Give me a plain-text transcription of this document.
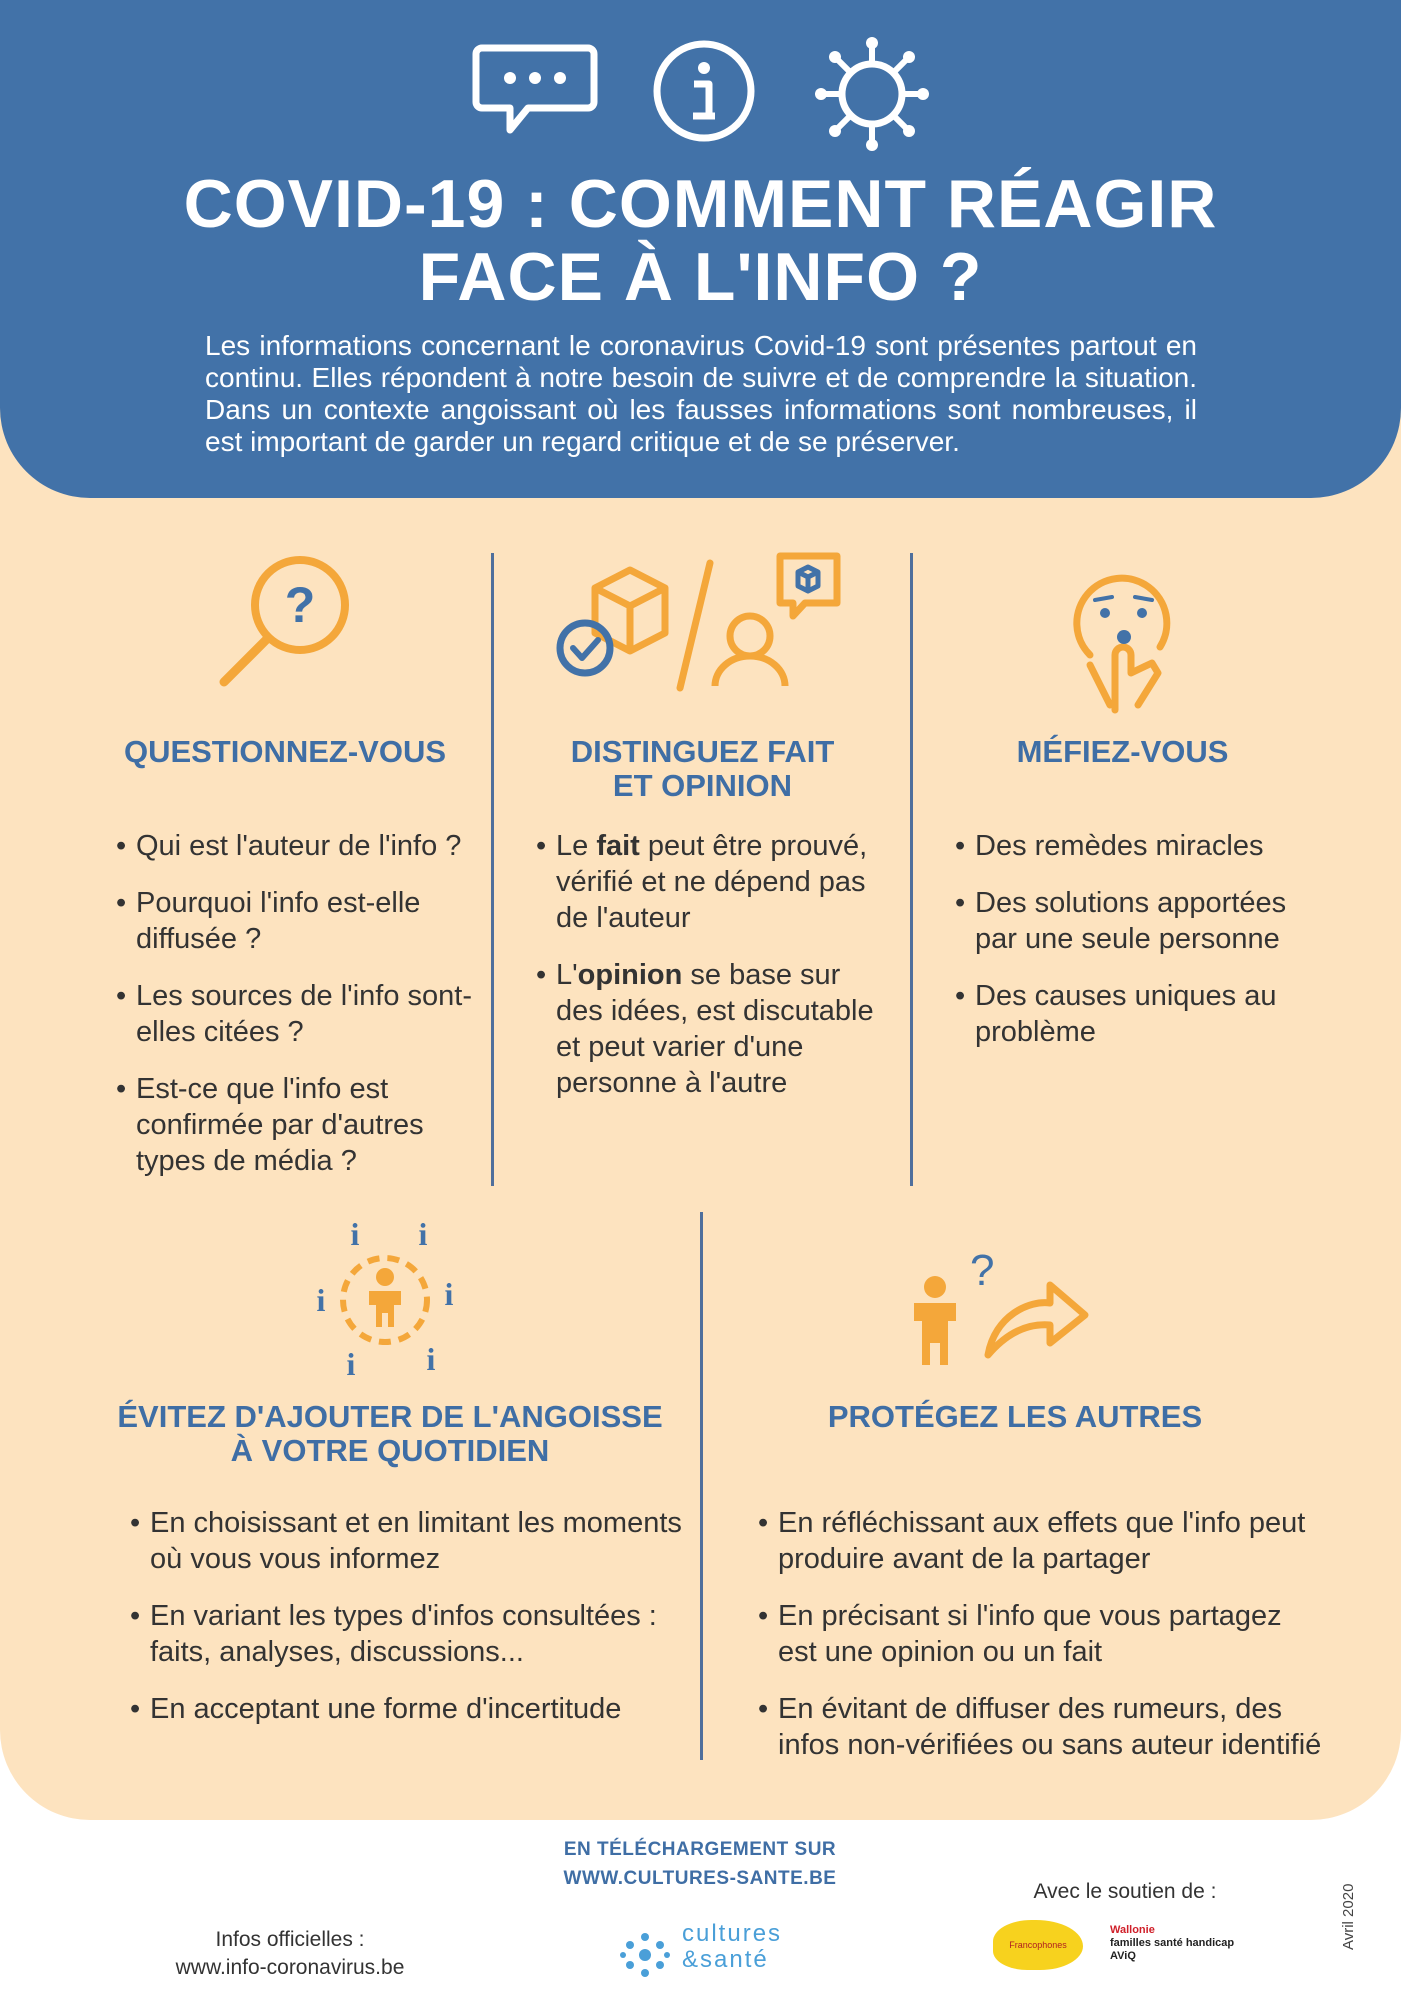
COVID-19 : COMMENT RÉAGIR
FACE À L'INFO ?
Les informations concernant le coronavirus Covid-19 sont présentes partout en continu. Elles répondent à notre besoin de suivre et de comprendre la situation. Dans un contexte angoissant où les fausses informations sont nombreuses, il est important de garder un regard critique et de se préserver.
?
QUESTIONNEZ-VOUS
• Qui est l'auteur de l'info ?
• Pourquoi l'info est-elle diffusée ?
• Les sources de l'info sont-elles citées ?
• Est-ce que l'info est confirmée par d'autres types de média ?
DISTINGUEZ FAIT
ET OPINION
• Le fait peut être prouvé, vérifié et ne dépend pas de l'auteur
• L'opinion se base sur des idées, est discutable et peut varier d'une personne à l'autre
MÉFIEZ-VOUS
• Des remèdes miracles
• Des solutions apportées par une seule personne
• Des causes uniques au problème
i i
i	i
i i
ÉVITEZ D'AJOUTER DE L'ANGOISSE
À VOTRE QUOTIDIEN
• En choisissant et en limitant les moments où vous vous informez
• En variant les types d'infos consultées : faits, analyses, discussions...
• En acceptant une forme d'incertitude
?
PROTÉGEZ LES AUTRES
• En réfléchissant aux effets que l'info peut produire avant de la partager
• En précisant si l'info que vous partagez est une opinion ou un fait
• En évitant de diffuser des rumeurs, des infos non-vérifiées ou sans auteur identifié
EN TÉLÉCHARGEMENT SUR
WWW.CULTURES-SANTE.BE
Infos officielles :
www.info-coronavirus.be
cultures
&santé
Avec le soutien de :
Francophones
Wallonie
familles santé handicap
AViQ
Avril 2020
